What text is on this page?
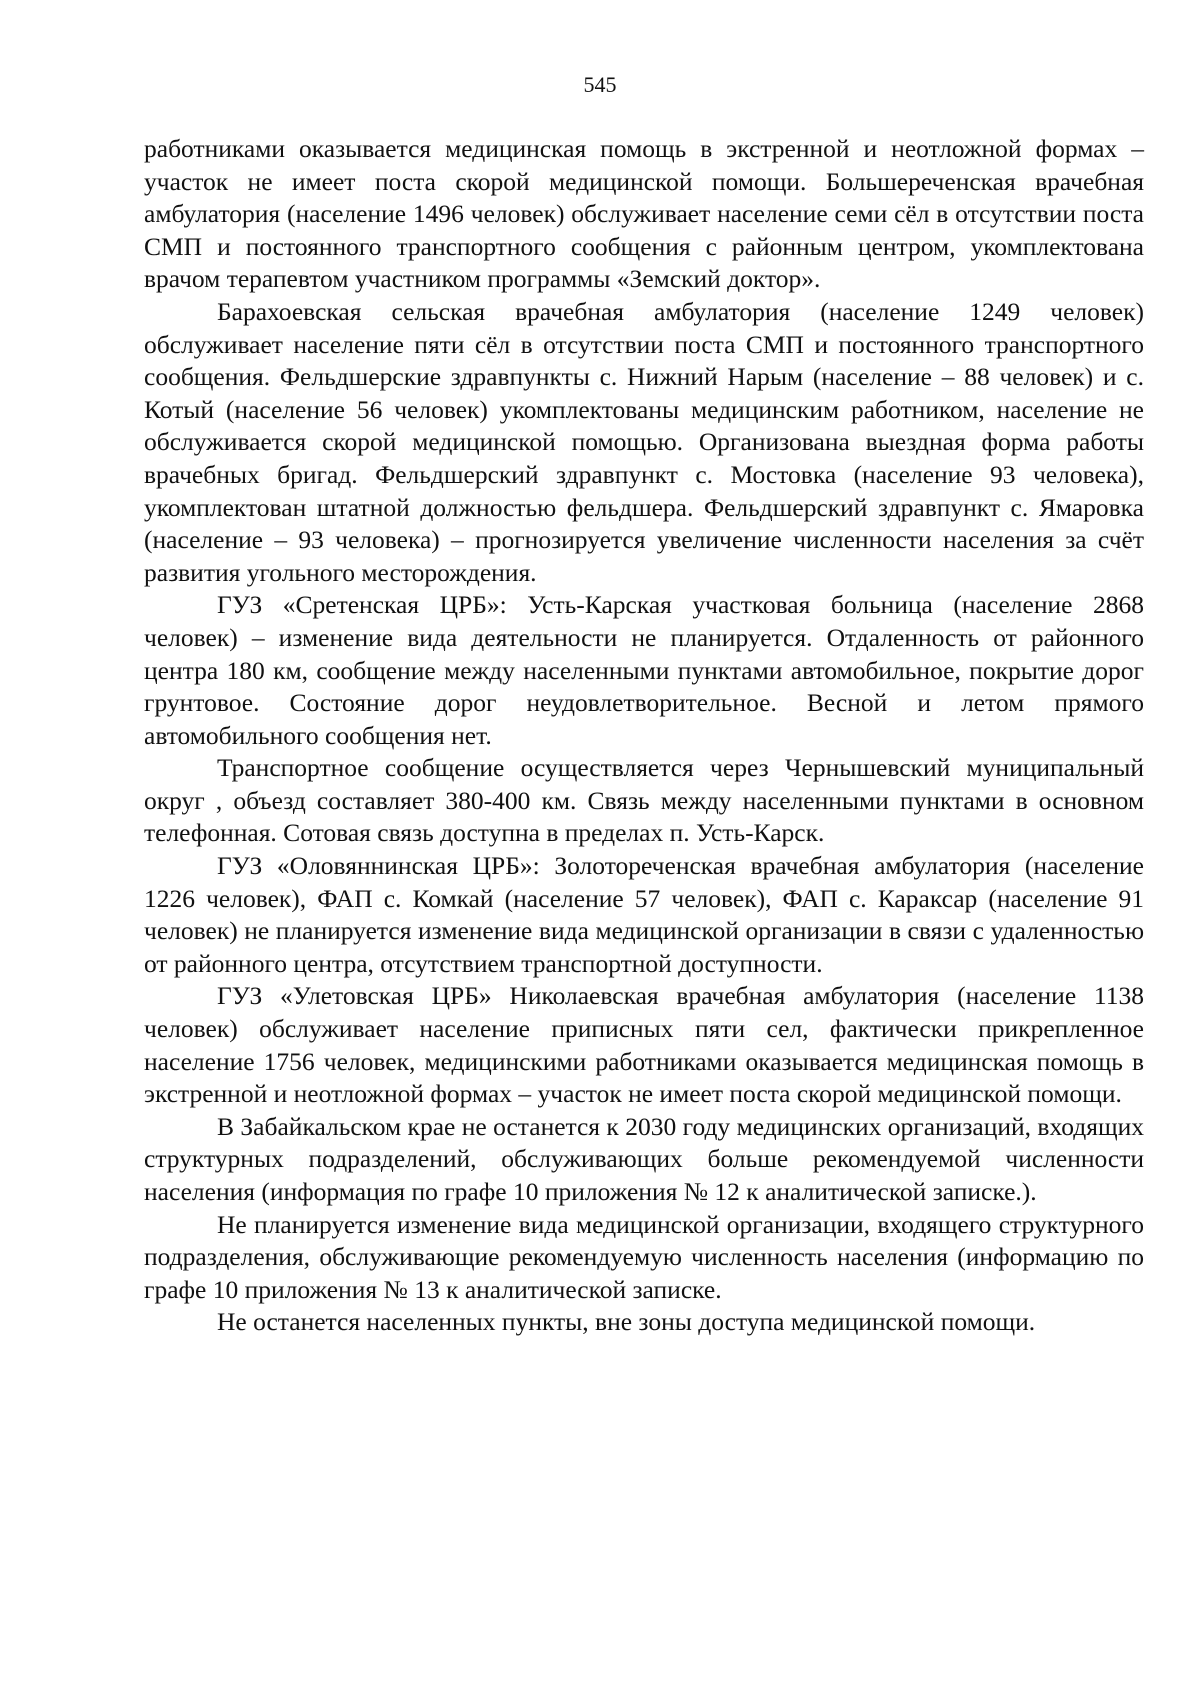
545

работниками оказывается медицинская помощь в экстренной и неотложной формах – участок не имеет поста скорой медицинской помощи. Большереченская врачебная амбулатория (население 1496 человек) обслуживает население семи сёл в отсутствии поста СМП и постоянного транспортного сообщения с районным центром, укомплектована врачом терапевтом участником программы «Земский доктор».

Барахоевская сельская врачебная амбулатория (население 1249 человек) обслуживает население пяти сёл в отсутствии поста СМП и постоянного транспортного сообщения. Фельдшерские здравпункты с. Нижний Нарым (население – 88 человек) и с. Котый (население 56 человек) укомплектованы медицинским работником, население не обслуживается скорой медицинской помощью. Организована выездная форма работы врачебных бригад. Фельдшерский здравпункт с. Мостовка (население 93 человека), укомплектован штатной должностью фельдшера. Фельдшерский здравпункт с. Ямаровка (население – 93 человека) – прогнозируется увеличение численности населения за счёт развития угольного месторождения.

ГУЗ «Сретенская ЦРБ»: Усть-Карская участковая больница (население 2868 человек) – изменение вида деятельности не планируется. Отдаленность от районного центра 180 км, сообщение между населенными пунктами автомобильное, покрытие дорог грунтовое. Состояние дорог неудовлетворительное. Весной и летом прямого автомобильного сообщения нет.

Транспортное сообщение осуществляется через Чернышевский муниципальный округ , объезд составляет 380-400 км. Связь между населенными пунктами в основном телефонная. Сотовая связь доступна в пределах п. Усть-Карск.

ГУЗ «Оловяннинская ЦРБ»: Золотореченская врачебная амбулатория (население 1226 человек), ФАП с. Комкай (население 57 человек), ФАП с. Караксар (население 91 человек) не планируется изменение вида медицинской организации в связи с удаленностью от районного центра, отсутствием транспортной доступности.

ГУЗ «Улетовская ЦРБ» Николаевская врачебная амбулатория (население 1138 человек) обслуживает население приписных пяти сел, фактически прикрепленное население 1756 человек, медицинскими работниками оказывается медицинская помощь в экстренной и неотложной формах – участок не имеет поста скорой медицинской помощи.

В Забайкальском крае не останется к 2030 году медицинских организаций, входящих структурных подразделений, обслуживающих больше рекомендуемой численности населения (информация по графе 10 приложения № 12 к аналитической записке.).

Не планируется изменение вида медицинской организации, входящего структурного подразделения, обслуживающие рекомендуемую численность населения (информацию по графе 10 приложения № 13 к аналитической записке.

Не останется населенных пункты, вне зоны доступа медицинской помощи.
